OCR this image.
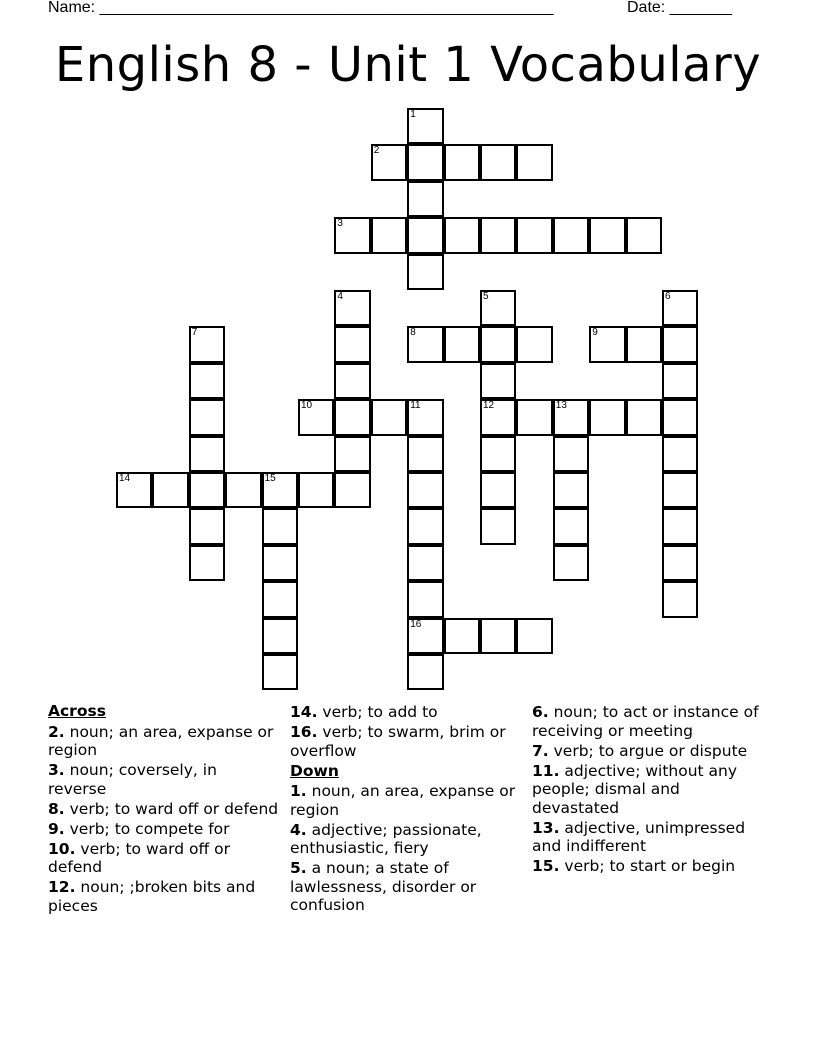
Name: ___________________________________________________	Date: _______
English 8 - Unit 1 Vocabulary
1
2
3
4	5
12
6
7	8	9
10	11
16
13
14	15
Across
2. noun; an area, expanse or region
3. noun; coversely, in reverse
8. verb; to ward off or defend
9. verb; to compete for
10. verb; to ward off or defend
12. noun; ;broken bits and pieces
14. verb; to add to
16. verb; to swarm, brim or overflow
Down
1. noun, an area, expanse or region
4. adjective; passionate, enthusiastic, fiery
5. a noun; a state of lawlessness, disorder or confusion
6. noun; to act or instance of receiving or meeting
7. verb; to argue or dispute
11. adjective; without any people; dismal and devastated
13. adjective, unimpressed and indifferent
15. verb; to start or begin
